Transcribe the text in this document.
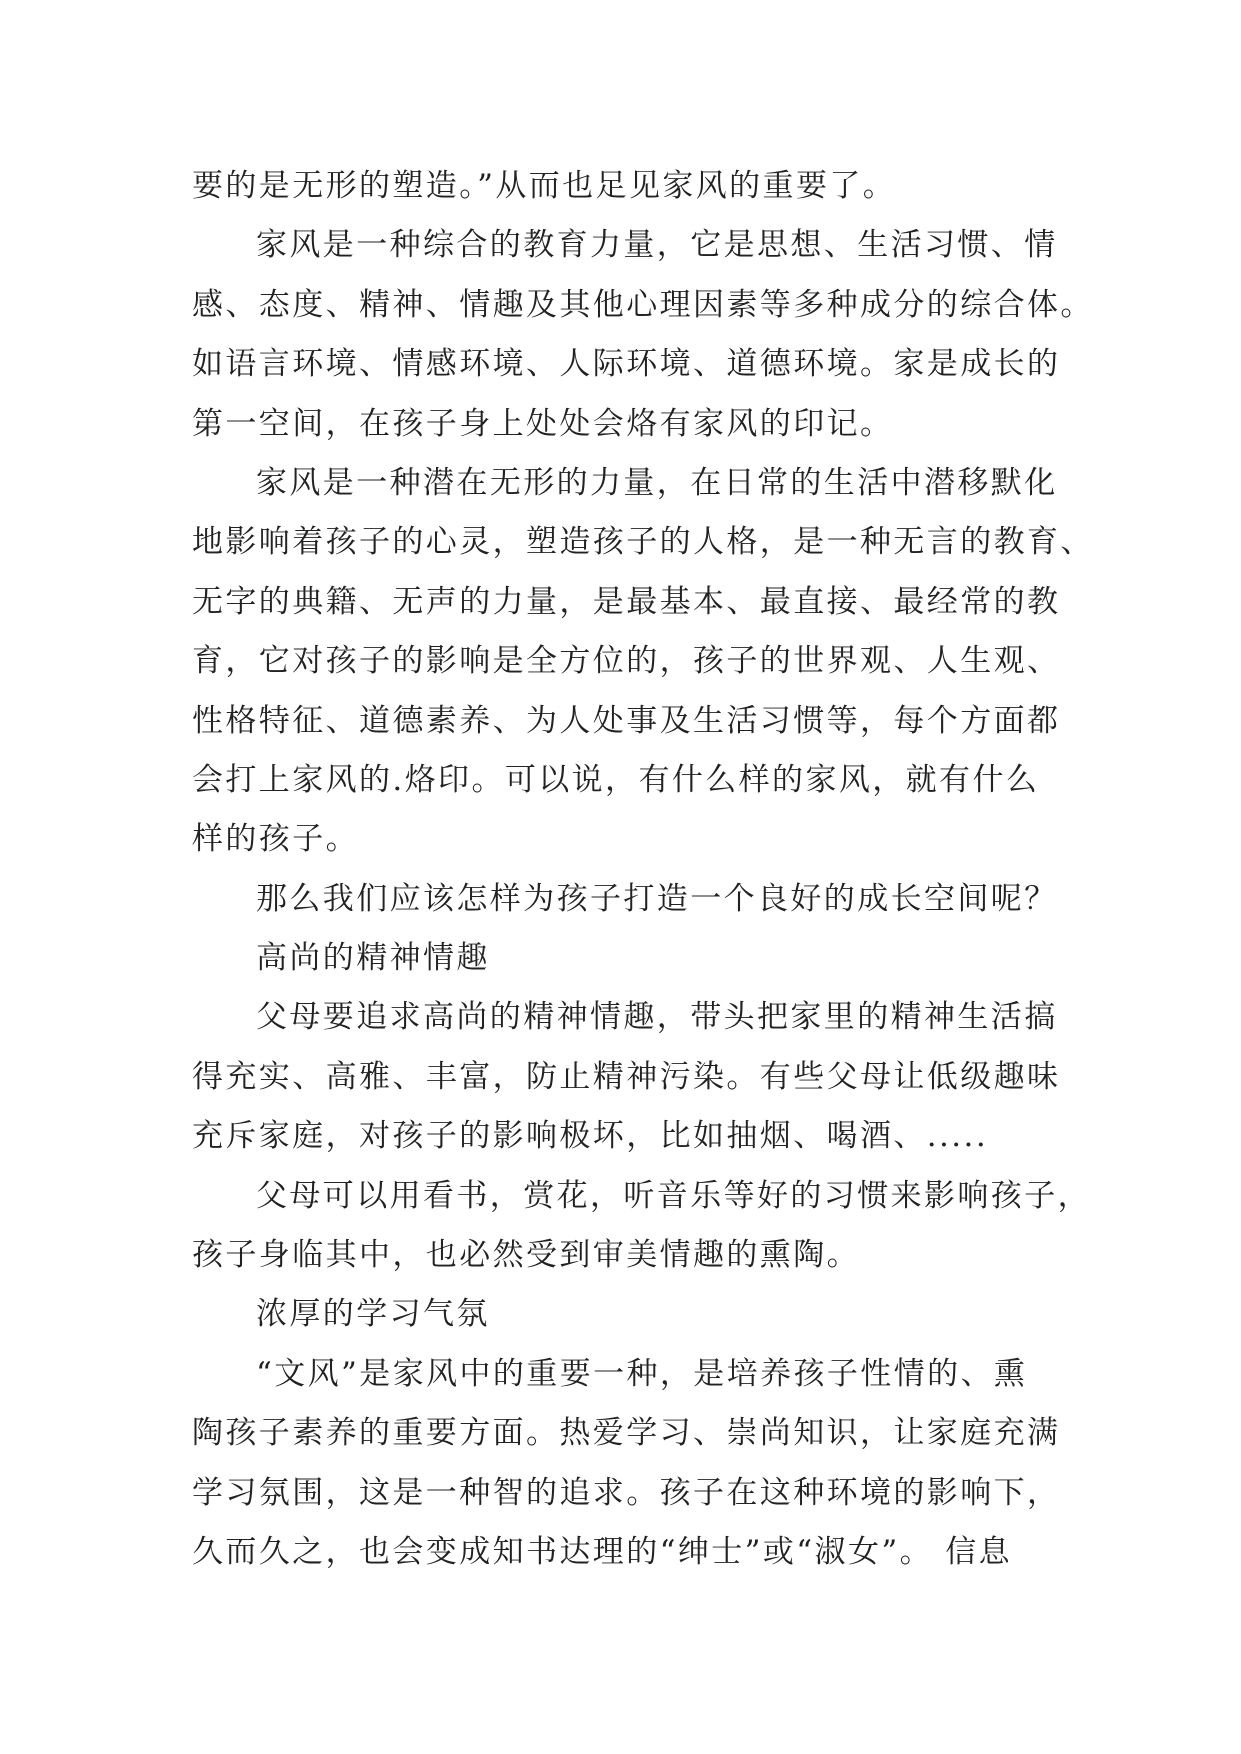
要的是无形的塑造。”从而也足见家风的重要了。
家风是一种综合的教育力量，它是思想、生活习惯、情
感、态度、精神、情趣及其他心理因素等多种成分的综合体。
如语言环境、情感环境、人际环境、道德环境。家是成长的
第一空间，在孩子身上处处会烙有家风的印记。
家风是一种潜在无形的力量，在日常的生活中潜移默化
地影响着孩子的心灵，塑造孩子的人格，是一种无言的教育、
无字的典籍、无声的力量，是最基本、最直接、最经常的教
育，它对孩子的影响是全方位的，孩子的世界观、人生观、
性格特征、道德素养、为人处事及生活习惯等，每个方面都
会打上家风的.烙印。可以说，有什么样的家风，就有什么
样的孩子。
那么我们应该怎样为孩子打造一个良好的成长空间呢？
高尚的精神情趣
父母要追求高尚的精神情趣，带头把家里的精神生活搞
得充实、高雅、丰富，防止精神污染。有些父母让低级趣味
充斥家庭，对孩子的影响极坏，比如抽烟、喝酒、.....
父母可以用看书，赏花，听音乐等好的习惯来影响孩子，
孩子身临其中，也必然受到审美情趣的熏陶。
浓厚的学习气氛
“文风”是家风中的重要一种，是培养孩子性情的、熏
陶孩子素养的重要方面。热爱学习、崇尚知识，让家庭充满
学习氛围，这是一种智的追求。孩子在这种环境的影响下，
久而久之，也会变成知书达理的“绅士”或“淑女”。 信息
